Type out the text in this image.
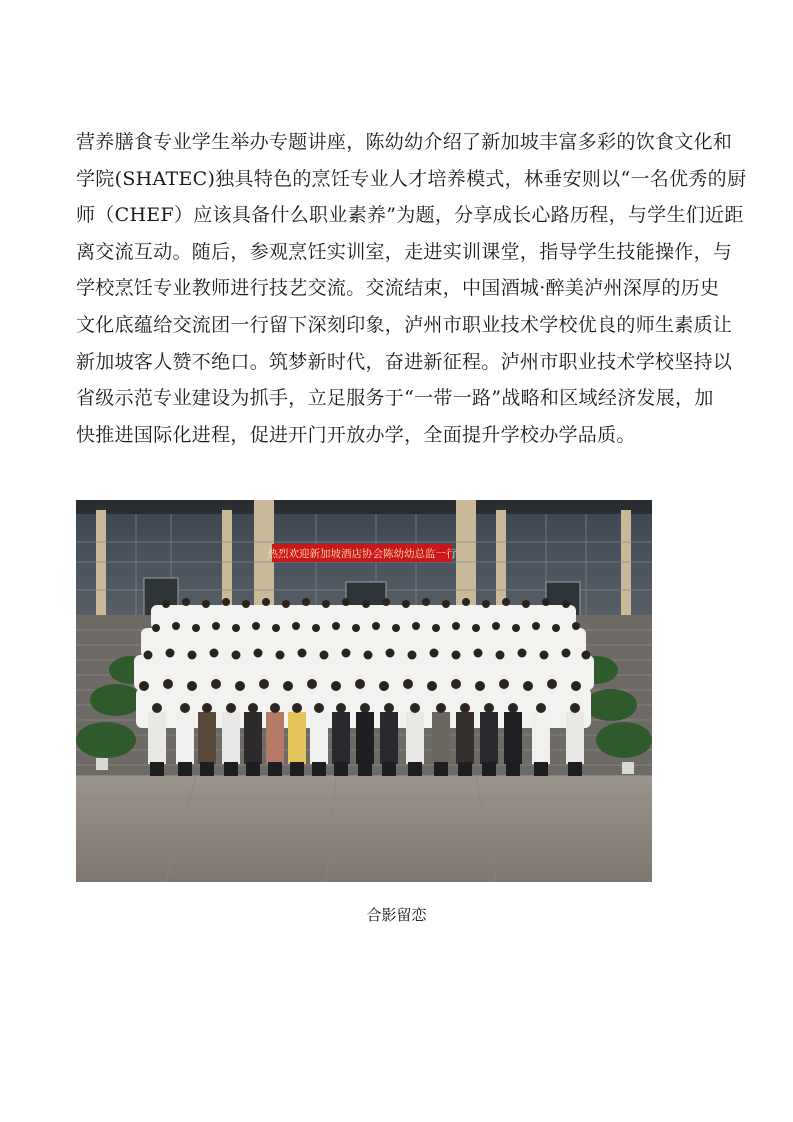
营养膳食专业学生举办专题讲座，陈幼幼介绍了新加坡丰富多彩的饮食文化和
学院(SHATEC)独具特色的烹饪专业人才培养模式，林垂安则以“一名优秀的厨
师（CHEF）应该具备什么职业素养”为题，分享成长心路历程，与学生们近距
离交流互动。随后，参观烹饪实训室，走进实训课堂，指导学生技能操作，与
学校烹饪专业教师进行技艺交流。交流结束，中国酒城·醉美泸州深厚的历史
文化底蕴给交流团一行留下深刻印象，泸州市职业技术学校优良的师生素质让
新加坡客人赞不绝口。筑梦新时代，奋进新征程。泸州市职业技术学校坚持以
省级示范专业建设为抓手，立足服务于“一带一路”战略和区域经济发展，加
快推进国际化进程，促进开门开放办学，全面提升学校办学品质。

热烈欢迎新加坡酒店协会陈幼幼总监一行
合影留恋
